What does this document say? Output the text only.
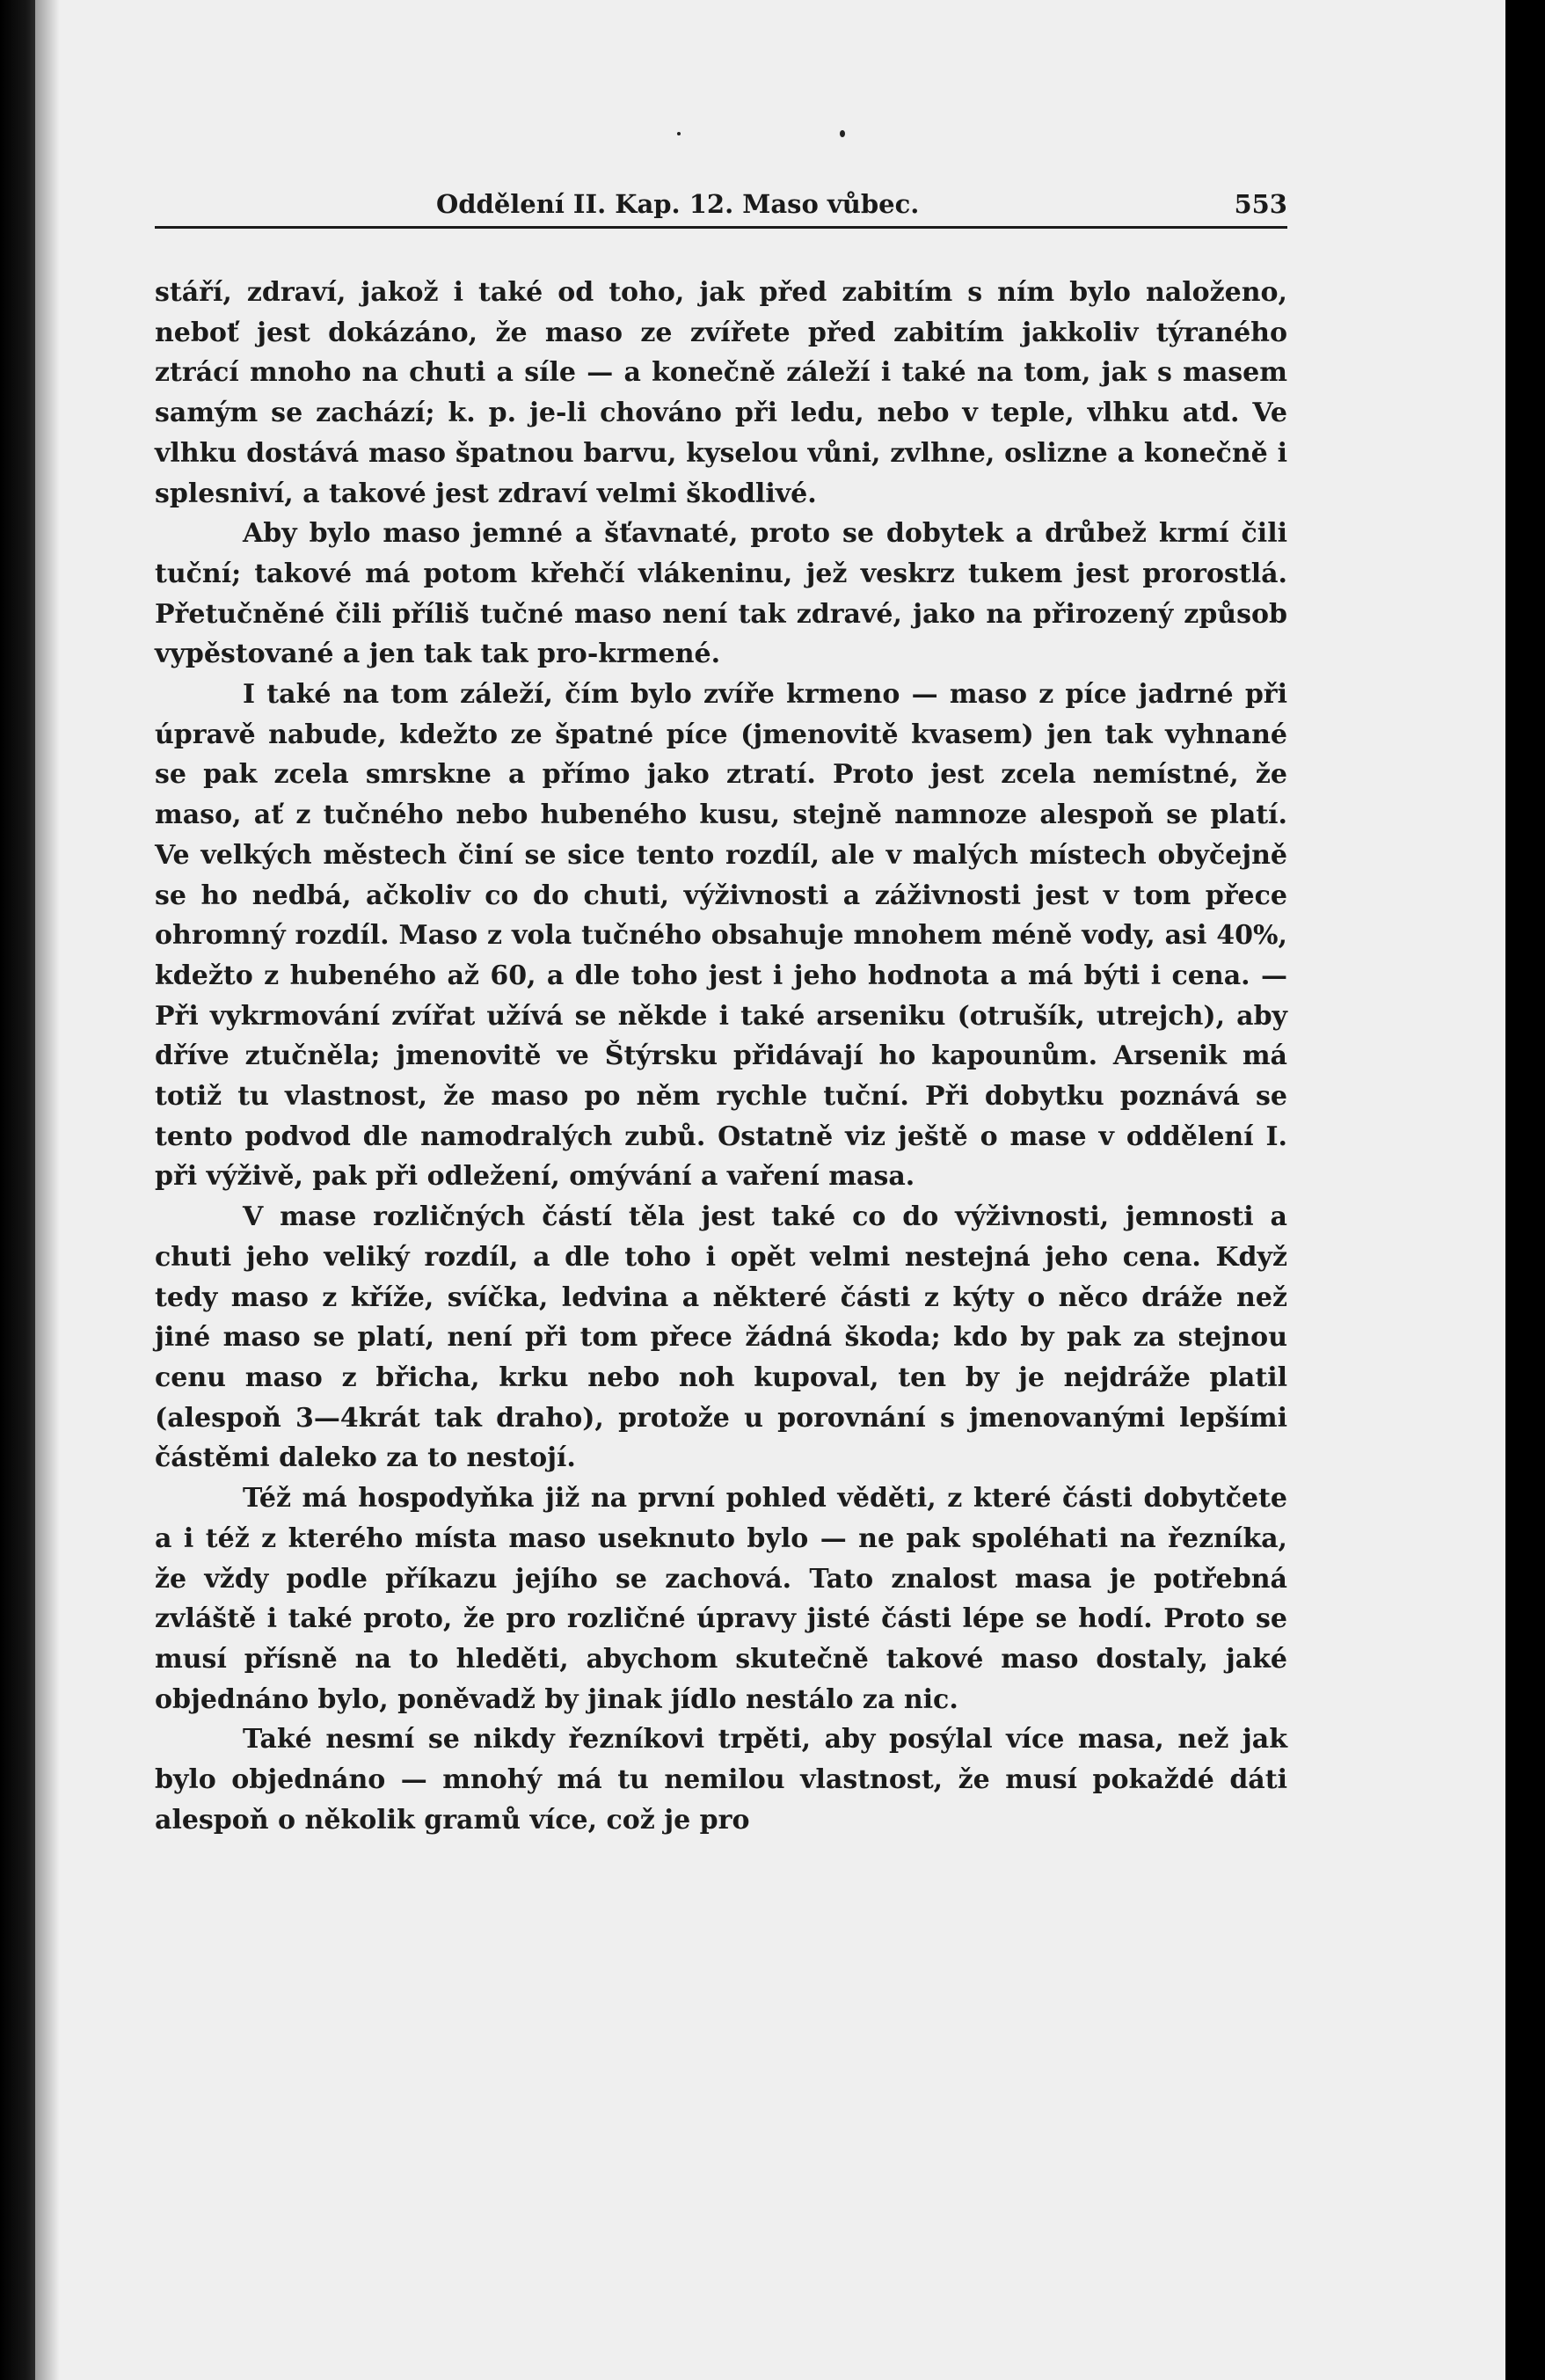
Oddělení II. Kap. 12. Maso vůbec.	553

stáří, zdraví, jakož i také od toho, jak před zabitím s ním bylo naloženo, neboť jest dokázáno, že maso ze zvířete před zabitím jakkoliv týraného ztrácí mnoho na chuti a síle — a konečně záleží i také na tom, jak s masem samým se zachází; k. p. je-li chováno při ledu, nebo v teple, vlhku atd. Ve vlhku dostává maso špatnou barvu, kyselou vůni, zvlhne, oslizne a konečně i splesniví, a takové jest zdraví velmi škodlivé.

Aby bylo maso jemné a šťavnaté, proto se dobytek a drůbež krmí čili tuční; takové má potom křehčí vlákeninu, jež veskrz tukem jest prorostlá. Přetučněné čili příliš tučné maso není tak zdravé, jako na přirozený způsob vypěstované a jen tak tak pro-krmené.

I také na tom záleží, čím bylo zvíře krmeno — maso z píce jadrné při úpravě nabude, kdežto ze špatné píce (jmenovitě kvasem) jen tak vyhnané se pak zcela smrskne a přímo jako ztratí. Proto jest zcela nemístné, že maso, ať z tučného nebo hubeného kusu, stejně namnoze alespoň se platí. Ve velkých městech činí se sice tento rozdíl, ale v malých místech obyčejně se ho nedbá, ačkoliv co do chuti, výživnosti a záživnosti jest v tom přece ohromný rozdíl. Maso z vola tučného obsahuje mnohem méně vody, asi 40%, kdežto z hubeného až 60, a dle toho jest i jeho hodnota a má býti i cena. — Při vykrmování zvířat užívá se někde i také arseniku (otrušík, utrejch), aby dříve ztučněla; jmenovitě ve Štýrsku přidávají ho kapounům. Arsenik má totiž tu vlastnost, že maso po něm rychle tuční. Při dobytku poznává se tento podvod dle namodralých zubů. Ostatně viz ještě o mase v oddělení I. při výživě, pak při odležení, omývání a vaření masa.

V mase rozličných částí těla jest také co do výživnosti, jemnosti a chuti jeho veliký rozdíl, a dle toho i opět velmi nestejná jeho cena. Když tedy maso z kříže, svíčka, ledvina a některé části z kýty o něco dráže než jiné maso se platí, není při tom přece žádná škoda; kdo by pak za stejnou cenu maso z břicha, krku nebo noh kupoval, ten by je nejdráže platil (alespoň 3—4krát tak draho), protože u porovnání s jmenovanými lepšími částěmi daleko za to nestojí.

Též má hospodyňka již na první pohled věděti, z které části dobytčete a i též z kterého místa maso useknuto bylo — ne pak spoléhati na řezníka, že vždy podle příkazu jejího se zachová. Tato znalost masa je potřebná zvláště i také proto, že pro rozličné úpravy jisté části lépe se hodí. Proto se musí přísně na to hleděti, abychom skutečně takové maso dostaly, jaké objednáno bylo, poněvadž by jinak jídlo nestálo za nic.

Také nesmí se nikdy řezníkovi trpěti, aby posýlal více masa, než jak bylo objednáno — mnohý má tu nemilou vlastnost, že musí pokaždé dáti alespoň o několik gramů více, což je pro
